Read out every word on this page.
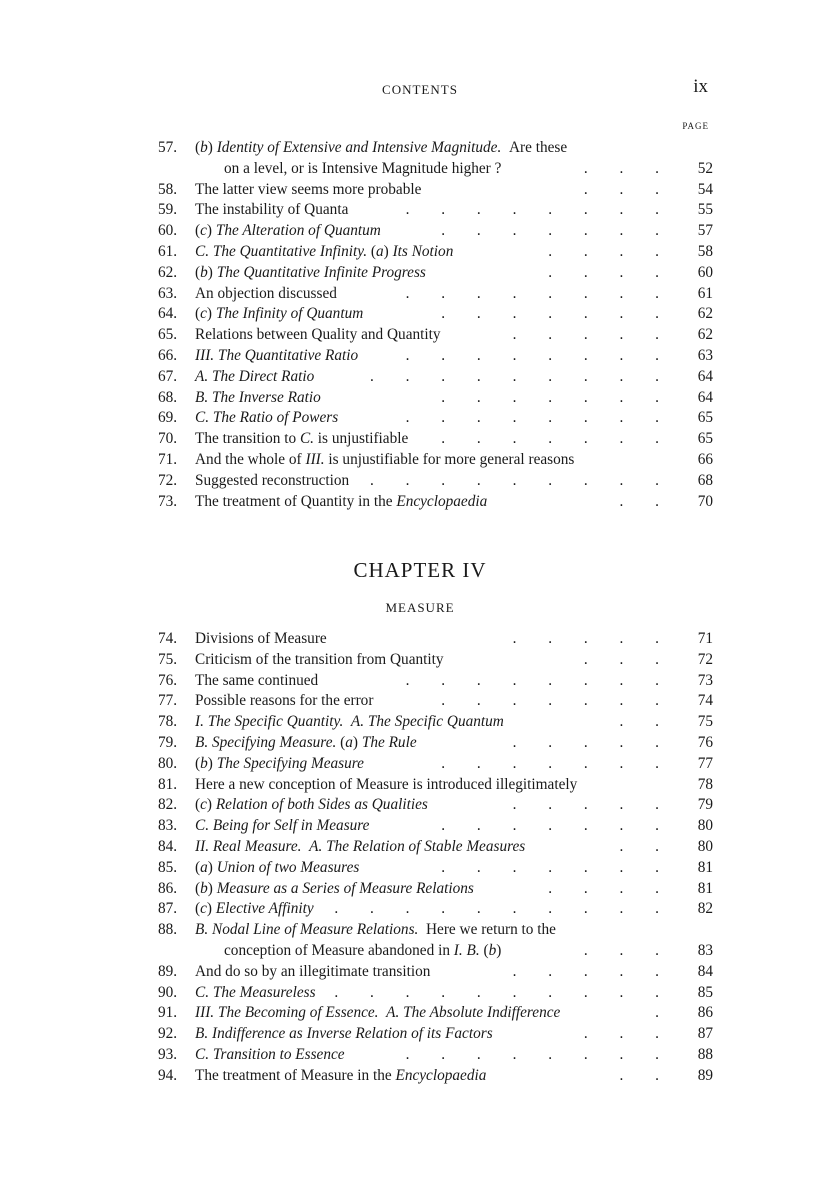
CONTENTS	ix
PAGE
57.	(b) Identity of Extensive and Intensive Magnitude.  Are these
on a level, or is Intensive Magnitude higher ?	. . .	52
58.	The latter view seems more probable	. . .	54
59.	The instability of Quanta	. . . . . . . .	55
60.	(c) The Alteration of Quantum	. . . . . . .	57
61.	C. The Quantitative Infinity. (a) Its Notion	. . . .	58
62.	(b) The Quantitative Infinite Progress	. . . .	60
63.	An objection discussed	. . . . . . . .	61
64.	(c) The Infinity of Quantum	. . . . . . .	62
65.	Relations between Quality and Quantity	. . . . .	62
66.	III. The Quantitative Ratio	. . . . . . . .	63
67.	A. The Direct Ratio	. . . . . . . . .	64
68.	B. The Inverse Ratio	. . . . . . .	64
69.	C. The Ratio of Powers	. . . . . . . .	65
70.	The transition to C. is unjustifiable . . . . . . .	65
71.	And the whole of III. is unjustifiable for more general reasons	66
72.	Suggested reconstruction . . . . . . . . .	68
73.	The treatment of Quantity in the Encyclopaedia	. .	70
CHAPTER IV
MEASURE
74.	Divisions of Measure	. . . . .	71
75.	Criticism of the transition from Quantity	. . .	72
76.	The same continued	. . . . . . . .	73
77.	Possible reasons for the error	. . . . . . .	74
78.	I. The Specific Quantity.  A. The Specific Quantum	. .	75
79.	B. Specifying Measure. (a) The Rule	. . . . .	76
80.	(b) The Specifying Measure	. . . . . . .	77
81.	Here a new conception of Measure is introduced illegitimately	78
82.	(c) Relation of both Sides as Qualities	. . . . .	79
83.	C. Being for Self in Measure	. . . . . . .	80
84.	II. Real Measure.  A. The Relation of Stable Measures	. .	80
85.	(a) Union of two Measures	. . . . . . .	81
86.	(b) Measure as a Series of Measure Relations	. . . .	81
87.	(c) Elective Affinity . . . . . . . . . .	82
88.	B. Nodal Line of Measure Relations.  Here we return to the
conception of Measure abandoned in I. B. (b)	. . .	83
89.	And do so by an illegitimate transition	. . . . .	84
90.	C. The Measureless . . . . . . . . . .	85
91.	III. The Becoming of Essence.  A. The Absolute Indifference	.	86
92.	B. Indifference as Inverse Relation of its Factors	. . .	87
93.	C. Transition to Essence	. . . . . . . .	88
94.	The treatment of Measure in the Encyclopaedia	. .	89
